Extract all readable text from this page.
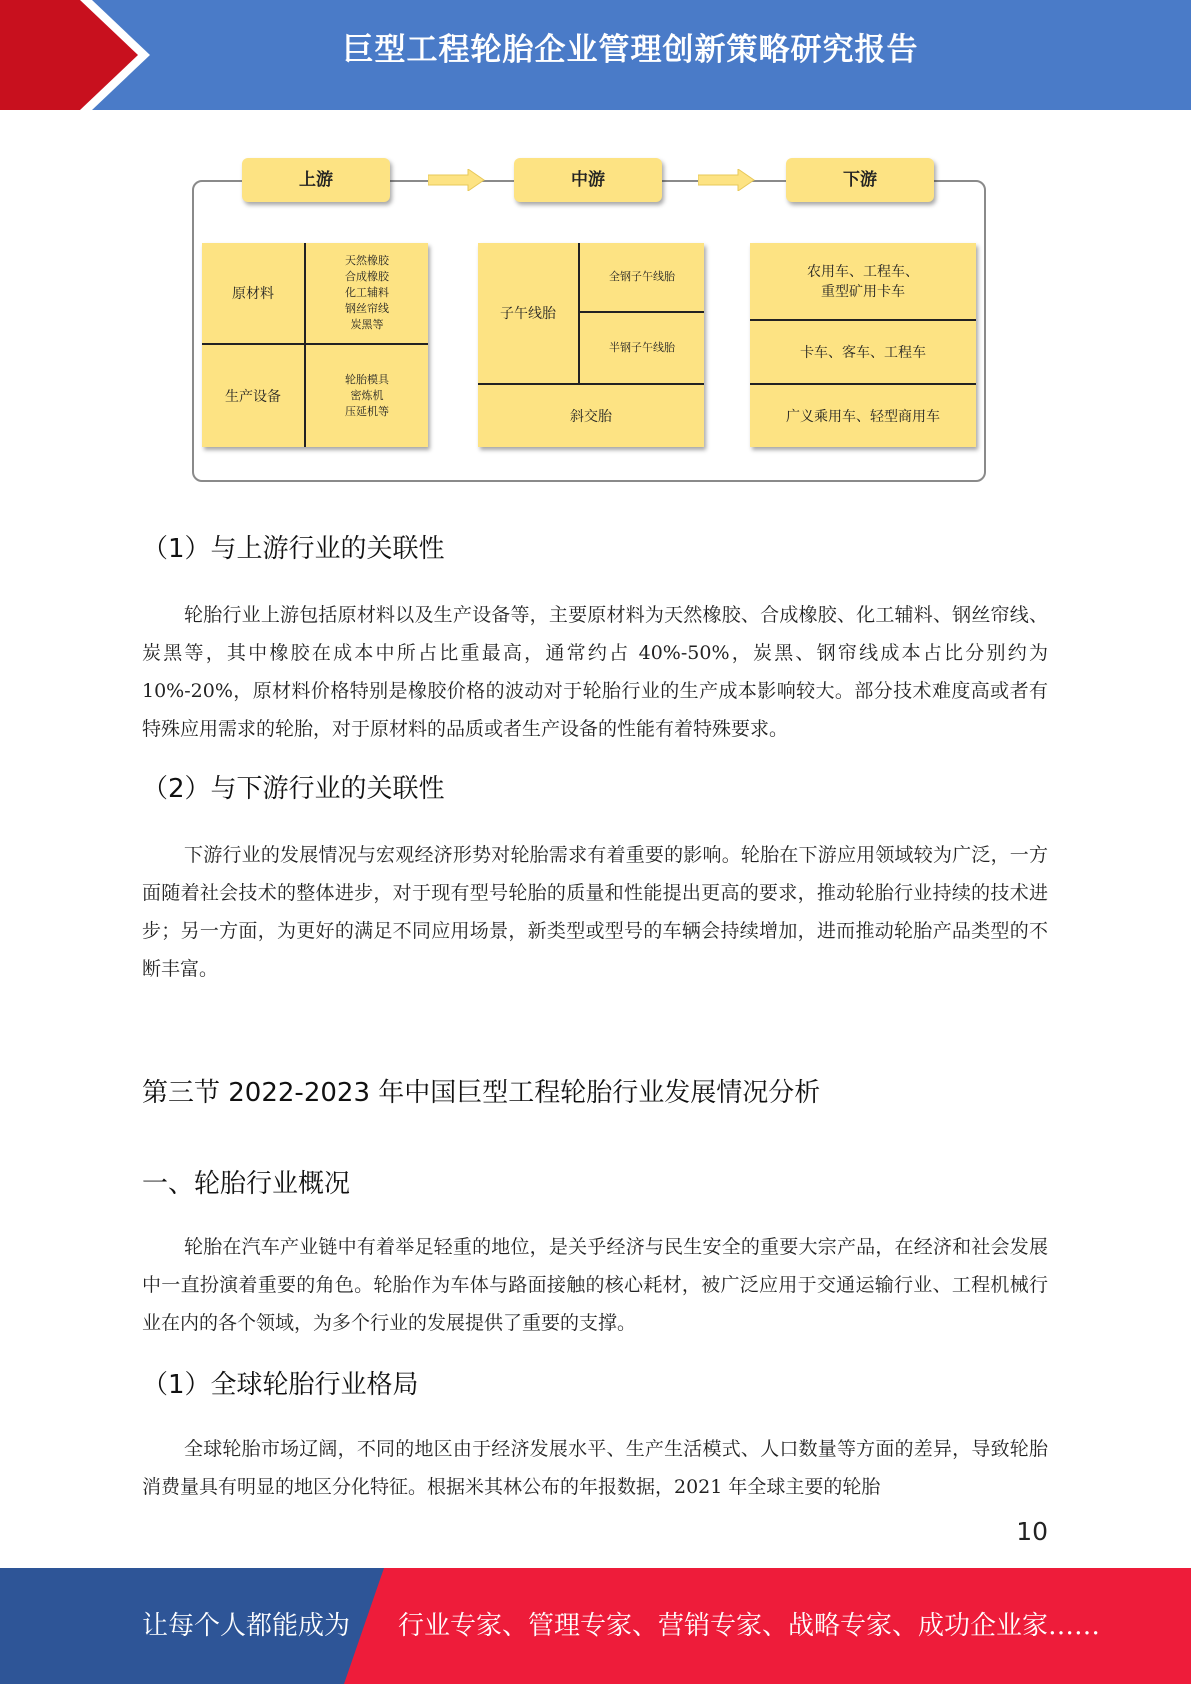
巨型工程轮胎企业管理创新策略研究报告
上游	中游	下游
原材料
天然橡胶
合成橡胶
化工辅料
钢丝帘线
炭黑等
生产设备
轮胎模具
密炼机
压延机等
子午线胎
全钢子午线胎
半钢子午线胎
斜交胎
农用车、工程车、
重型矿用卡车
卡车、客车、工程车
广义乘用车、轻型商用车
（1）与上游行业的关联性

轮胎行业上游包括原材料以及生产设备等，主要原材料为天然橡胶、合成橡胶、化工辅料、钢丝帘线、炭黑等，其中橡胶在成本中所占比重最高，通常约占 40%-50%，炭黑、钢帘线成本占比分别约为 10%-20%，原材料价格特别是橡胶价格的波动对于轮胎行业的生产成本影响较大。部分技术难度高或者有特殊应用需求的轮胎，对于原材料的品质或者生产设备的性能有着特殊要求。

（2）与下游行业的关联性

下游行业的发展情况与宏观经济形势对轮胎需求有着重要的影响。轮胎在下游应用领域较为广泛，一方面随着社会技术的整体进步，对于现有型号轮胎的质量和性能提出更高的要求，推动轮胎行业持续的技术进步；另一方面，为更好的满足不同应用场景，新类型或型号的车辆会持续增加，进而推动轮胎产品类型的不断丰富。

第三节 2022-2023 年中国巨型工程轮胎行业发展情况分析
一、轮胎行业概况

轮胎在汽车产业链中有着举足轻重的地位，是关乎经济与民生安全的重要大宗产品，在经济和社会发展中一直扮演着重要的角色。轮胎作为车体与路面接触的核心耗材，被广泛应用于交通运输行业、工程机械行业在内的各个领域，为多个行业的发展提供了重要的支撑。

（1）全球轮胎行业格局

全球轮胎市场辽阔，不同的地区由于经济发展水平、生产生活模式、人口数量等方面的差异，导致轮胎消费量具有明显的地区分化特征。根据米其林公布的年报数据，2021 年全球主要的轮胎

10
让每个人都能成为 行业专家、管理专家、营销专家、战略专家、成功企业家……
